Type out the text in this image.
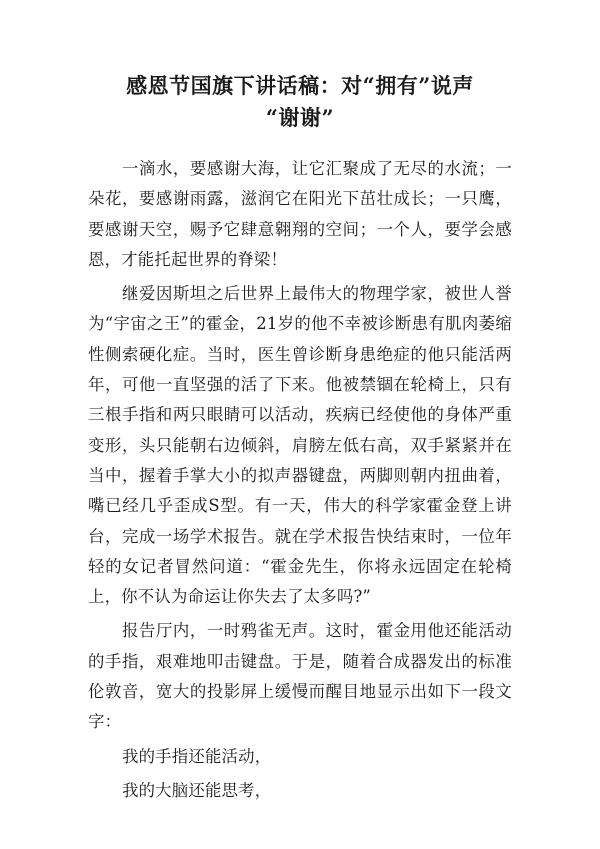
感恩节国旗下讲话稿：对“拥有”说声
“谢谢”

一滴水，要感谢大海，让它汇聚成了无尽的水流；一朵花，要感谢雨露，滋润它在阳光下茁壮成长；一只鹰，要感谢天空，赐予它肆意翱翔的空间；一个人，要学会感恩，才能托起世界的脊梁！

继爱因斯坦之后世界上最伟大的物理学家，被世人誉为“宇宙之王”的霍金，21岁的他不幸被诊断患有肌肉萎缩性侧索硬化症。当时，医生曾诊断身患绝症的他只能活两年，可他一直坚强的活了下来。他被禁锢在轮椅上，只有三根手指和两只眼睛可以活动，疾病已经使他的身体严重变形，头只能朝右边倾斜，肩膀左低右高，双手紧紧并在当中，握着手掌大小的拟声器键盘，两脚则朝内扭曲着，嘴已经几乎歪成S型。有一天，伟大的科学家霍金登上讲台，完成一场学术报告。就在学术报告快结束时，一位年轻的女记者冒然问道：“霍金先生，你将永远固定在轮椅上，你不认为命运让你失去了太多吗?”

报告厅内，一时鸦雀无声。这时，霍金用他还能活动的手指，艰难地叩击键盘。于是，随着合成器发出的标准伦敦音，宽大的投影屏上缓慢而醒目地显示出如下一段文字：

我的手指还能活动，

我的大脑还能思考，
